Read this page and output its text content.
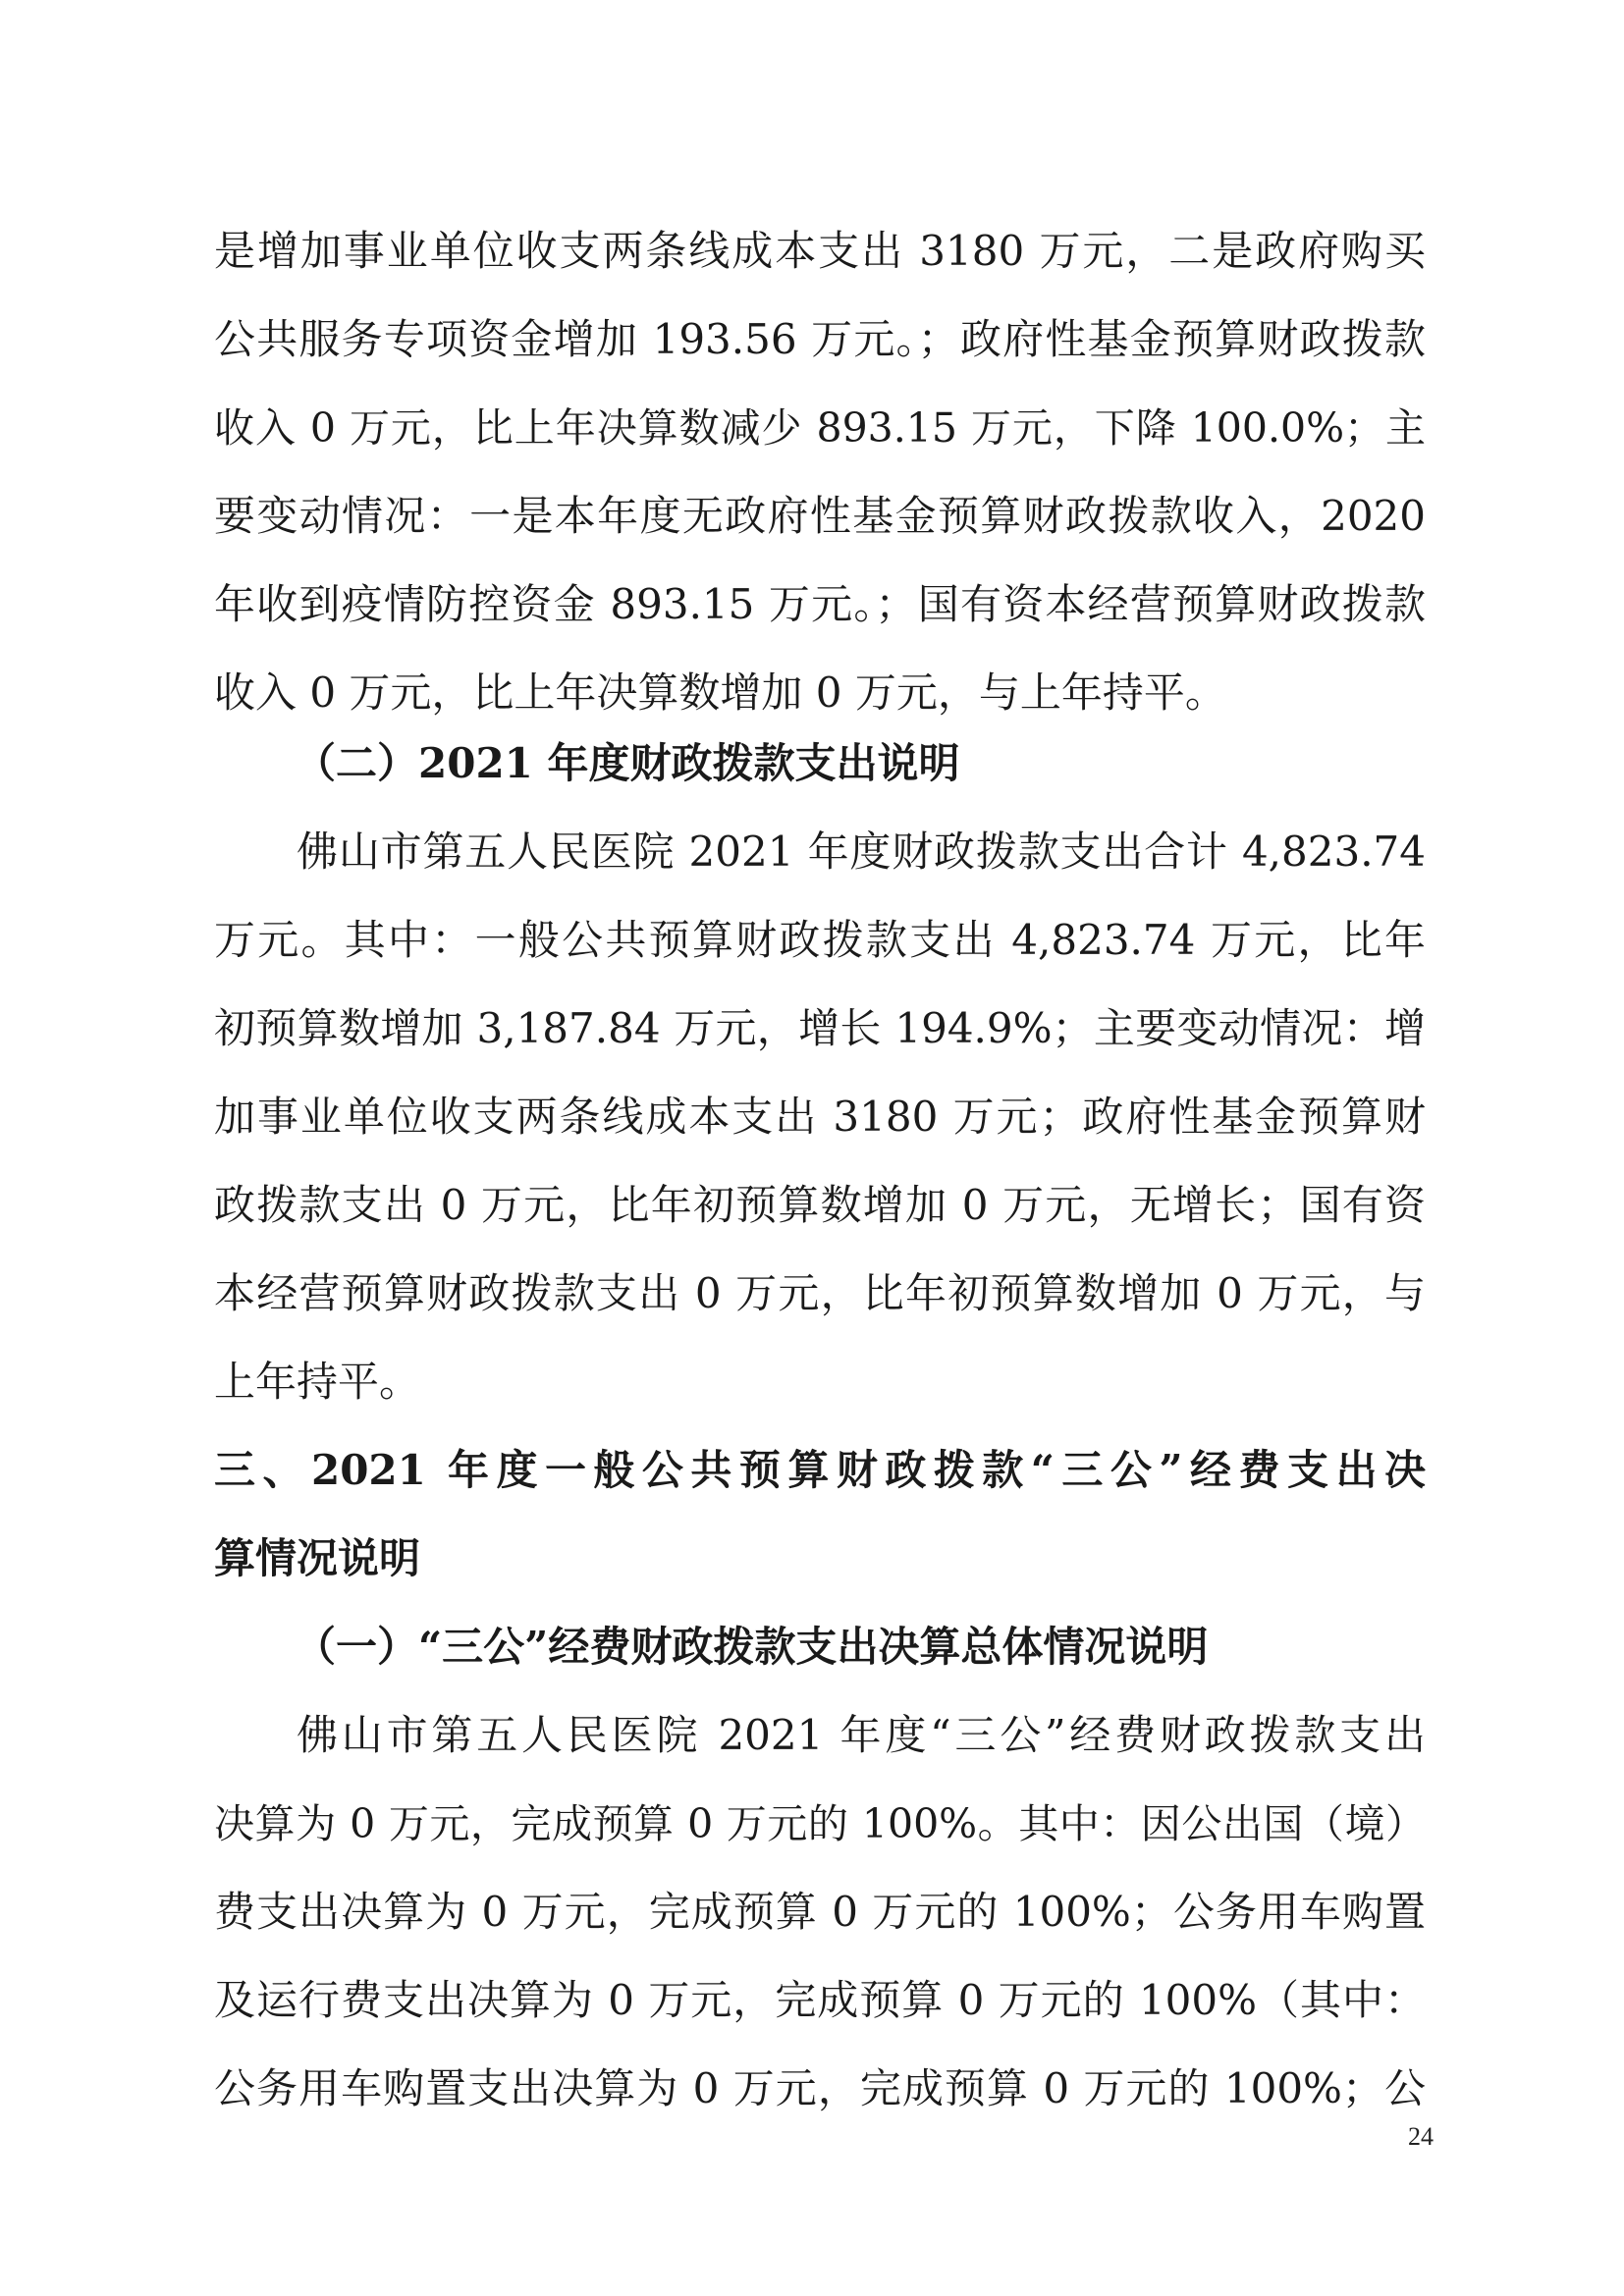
是增加事业单位收支两条线成本支出 3180 万元，二是政府购买
公共服务专项资金增加 193.56 万元。；政府性基金预算财政拨款
收入 0 万元，比上年决算数减少 893.15 万元，下降 100.0%；主
要变动情况：一是本年度无政府性基金预算财政拨款收入，2020
年收到疫情防控资金 893.15 万元。；国有资本经营预算财政拨款
收入 0 万元，比上年决算数增加 0 万元，与上年持平。
（二）2021 年度财政拨款支出说明
佛山市第五人民医院 2021 年度财政拨款支出合计 4,823.74
万元。其中：一般公共预算财政拨款支出 4,823.74 万元，比年
初预算数增加 3,187.84 万元，增长 194.9%；主要变动情况：增
加事业单位收支两条线成本支出 3180 万元；政府性基金预算财
政拨款支出 0 万元，比年初预算数增加 0 万元，无增长；国有资
本经营预算财政拨款支出 0 万元，比年初预算数增加 0 万元，与
上年持平。
三、2021 年度一般公共预算财政拨款“三公”经费支出决
算情况说明
（一）“三公”经费财政拨款支出决算总体情况说明
佛山市第五人民医院 2021 年度“三公”经费财政拨款支出
决算为 0 万元，完成预算 0 万元的 100%。其中：因公出国（境）
费支出决算为 0 万元，完成预算 0 万元的 100%；公务用车购置
及运行费支出决算为 0 万元，完成预算 0 万元的 100%（其中：
公务用车购置支出决算为 0 万元，完成预算 0 万元的 100%；公
24
